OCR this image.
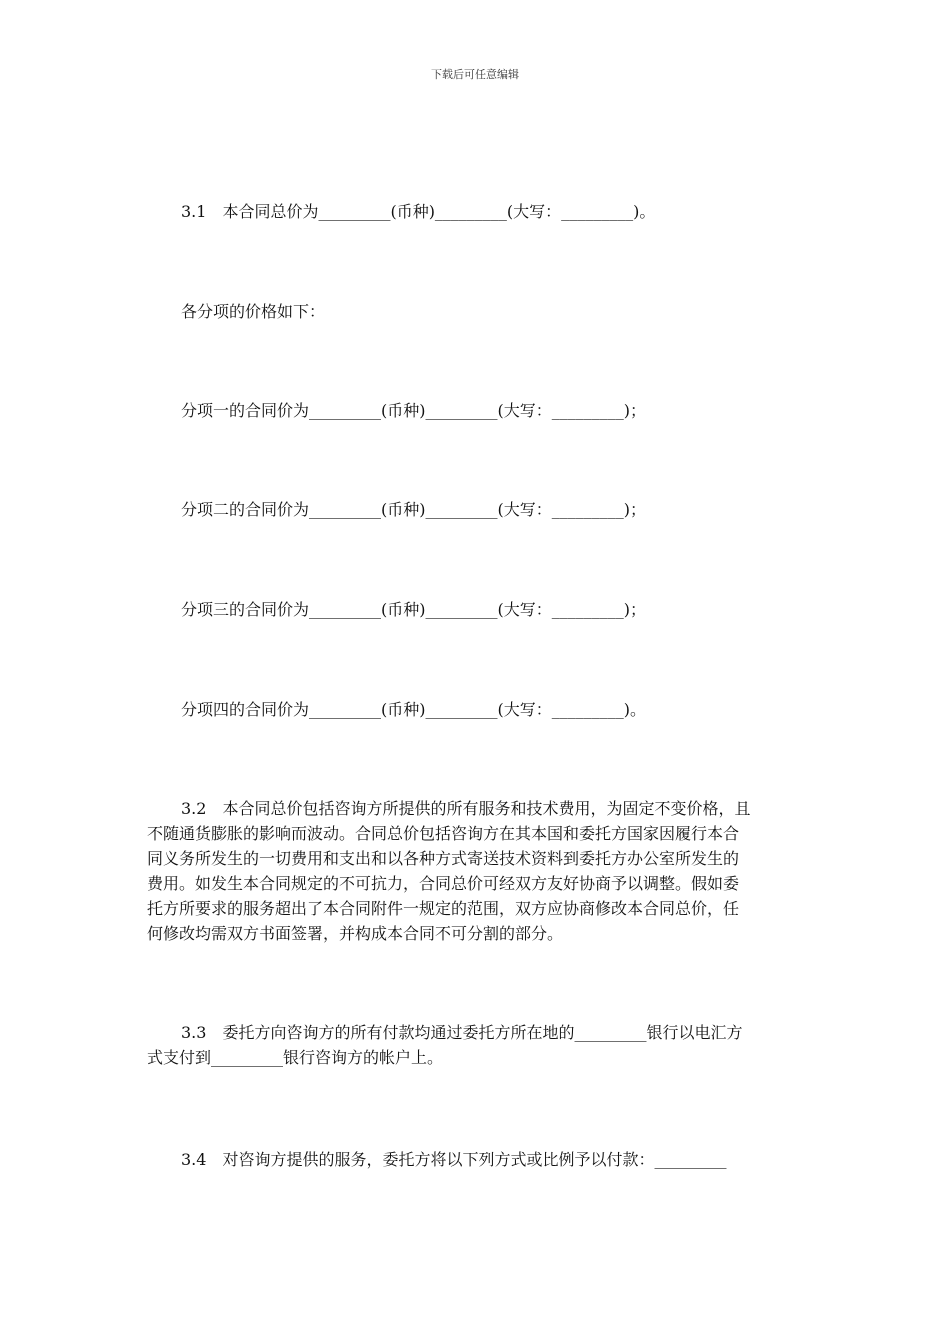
下载后可任意编辑
3.1　本合同总价为_________(币种)_________(大写：_________)。
各分项的价格如下：
分项一的合同价为_________(币种)_________(大写：_________)；
分项二的合同价为_________(币种)_________(大写：_________)；
分项三的合同价为_________(币种)_________(大写：_________)；
分项四的合同价为_________(币种)_________(大写：_________)。
3.2　本合同总价包括咨询方所提供的所有服务和技术费用，为固定不变价格，且
不随通货膨胀的影响而波动。合同总价包括咨询方在其本国和委托方国家因履行本合
同义务所发生的一切费用和支出和以各种方式寄送技术资料到委托方办公室所发生的
费用。如发生本合同规定的不可抗力，合同总价可经双方友好协商予以调整。假如委
托方所要求的服务超出了本合同附件一规定的范围，双方应协商修改本合同总价，任
何修改均需双方书面签署，并构成本合同不可分割的部分。
3.3　委托方向咨询方的所有付款均通过委托方所在地的_________银行以电汇方
式支付到_________银行咨询方的帐户上。
3.4　对咨询方提供的服务，委托方将以下列方式或比例予以付款：_________
